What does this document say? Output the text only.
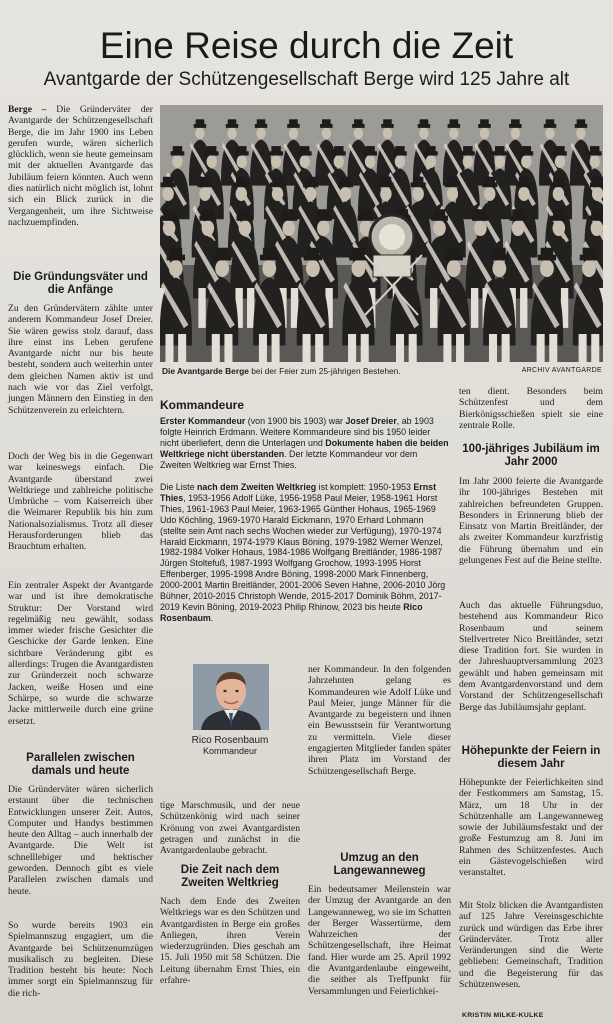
Eine Reise durch die Zeit
Avantgarde der Schützengesellschaft Berge wird 125 Jahre alt

Berge – Die Gründerväter der Avantgarde der Schützengesellschaft Berge, die im Jahr 1900 ins Leben gerufen wurde, wären sicherlich glücklich, wenn sie heute gemeinsam mit der aktuellen Avantgarde das Jubiläum feiern könnten. Auch wenn dies natürlich nicht möglich ist, lohnt sich ein Blick zurück in die Vergangenheit, um ihre Sichtweise nachzuempfinden.

Die Gründungsväter und die Anfänge

Zu den Gründervätern zählte unter anderem Kommandeur Josef Dreier. Sie wären gewiss stolz darauf, dass ihre einst ins Leben gerufene Avantgarde nicht nur bis heute besteht, sondern auch weiterhin unter dem gleichen Namen aktiv ist und nach wie vor das Ziel verfolgt, jungen Männern den Einstieg in den Schützenverein zu erleichtern.

Doch der Weg bis in die Gegenwart war keineswegs einfach. Die Avantgarde überstand zwei Weltkriege und zahlreiche politische Umbrüche – vom Kaiserreich über die Weimarer Republik bis hin zum Nationalsozialismus. Trotz all dieser Herausforderungen blieb das Brauchtum erhalten.

Ein zentraler Aspekt der Avantgarde war und ist ihre demokratische Struktur: Der Vorstand wird regelmäßig neu gewählt, sodass immer wieder frische Gesichter die Geschicke der Garde lenken. Eine sichtbare Veränderung gibt es allerdings: Trugen die Avantgardisten zur Gründerzeit noch schwarze Jacken, weiße Hosen und eine Schärpe, so wurde die schwarze Jacke mittlerweile durch eine grüne ersetzt.

Parallelen zwischen damals und heute

Die Gründerväter wären sicherlich erstaunt über die technischen Entwicklungen unserer Zeit. Autos, Computer und Handys bestimmen heute den Alltag – auch innerhalb der Avantgarde. Die Welt ist schnelllebiger und hektischer geworden. Dennoch gibt es viele Parallelen zwischen damals und heute.

So wurde bereits 1903 ein Spielmannszug engagiert, um die Avantgarde bei Schützenumzügen musikalisch zu begleiten. Diese Tradition besteht bis heute: Noch immer sorgt ein Spielmannszug für die rich-

Die Avantgarde Berge bei der Feier zum 25-jährigen Bestehen.	ARCHIV AVANTGARDE
Kommandeure

Erster Kommandeur (von 1900 bis 1903) war Josef Dreier, ab 1903 folgte Heinrich Erdmann. Weitere Kommandeure sind bis 1950 leider nicht überliefert, denn die Unterlagen und Dokumente haben die beiden Weltkriege nicht überstanden. Der letzte Kommandeur vor dem Zweiten Weltkrieg war Ernst Thies.

Die Liste nach dem Zweiten Weltkrieg ist komplett: 1950-1953 Ernst Thies, 1953-1956 Adolf Lüke, 1956-1958 Paul Meier, 1958-1961 Horst Thies, 1961-1963 Paul Meier, 1963-1965 Günther Hohaus, 1965-1969 Udo Köchling, 1969-1970 Harald Eickmann, 1970 Erhard Lohmann (stellte sein Amt nach sechs Wochen wieder zur Verfügung), 1970-1974 Harald Eickmann, 1974-1979 Klaus Böning, 1979-1982 Werner Wenzel, 1982-1984 Volker Hohaus, 1984-1986 Wolfgang Breitländer, 1986-1987 Jürgen Stoltefuß, 1987-1993 Wolfgang Grochow, 1993-1995 Horst Effenberger, 1995-1998 Andre Böning, 1998-2000 Mark Finnenberg, 2000-2001 Martin Breitländer, 2001-2006 Seven Hahne, 2006-2010 Jörg Bühner, 2010-2015 Christoph Wende, 2015-2017 Dominik Böhm, 2017-2019 Kevin Böning, 2019-2023 Philip Rhinow, 2023 bis heute Rico Rosenbaum.

Rico Rosenbaum
Kommandeur

tige Marschmusik, und der neue Schützenkönig wird nach seiner Krönung von zwei Avantgardisten getragen und zunächst in die Avantgardenlaube gebracht.

Die Zeit nach dem Zweiten Weltkrieg

Nach dem Ende des Zweiten Weltkriegs war es den Schützen und Avantgardisten in Berge ein großes Anliegen, ihren Verein wiederzugründen. Dies geschah am 15. Juli 1950 mit 58 Schützen. Die Leitung übernahm Ernst Thies, ein erfahre-

ner Kommandeur. In den folgenden Jahrzehnten gelang es Kommandeuren wie Adolf Lüke und Paul Meier, junge Männer für die Avantgarde zu begeistern und ihnen ein Bewusstsein für Verantwortung zu vermitteln. Viele dieser engagierten Mitglieder fanden später ihren Platz im Vorstand der Schützengesellschaft Berge.

Umzug an den Langewanneweg

Ein bedeutsamer Meilenstein war der Umzug der Avantgarde an den Langewanneweg, wo sie im Schatten der Berger Wassertürme, dem Wahrzeichen der Schützengesellschaft, ihre Heimat fand. Hier wurde am 25. April 1992 die Avantgardenlaube eingeweiht, die seither als Treffpunkt für Versammlungen und Feierlichkei-

ten dient. Besonders beim Schützenfest und dem Bierkönigsschießen spielt sie eine zentrale Rolle.

100-jähriges Jubiläum im Jahr 2000

Im Jahr 2000 feierte die Avantgarde ihr 100-jähriges Bestehen mit zahlreichen befreundeten Gruppen. Besonders in Erinnerung blieb der Einsatz von Martin Breitländer, der als zweiter Kommandeur kurzfristig die Führung übernahm und ein gelungenes Fest auf die Beine stellte.

Auch das aktuelle Führungsduo, bestehend aus Kommandeur Rico Rosenbaum und seinem Stellvertreter Nico Breitländer, setzt diese Tradition fort. Sie wurden in der Jahreshauptversammlung 2023 gewählt und haben gemeinsam mit dem Avantgardenvorstand und dem Vorstand der Schützengesellschaft Berge das Jubiläumsjahr geplant.

Höhepunkte der Feiern in diesem Jahr

Höhepunkte der Feierlichkeiten sind der Festkommers am Samstag, 15. März, um 18 Uhr in der Schützenhalle am Langewanneweg sowie der Jubiläumsfestakt und der große Festumzug am 8. Juni im Rahmen des Schützenfestes. Auch ein Gästevogelschießen wird veranstaltet.

Mit Stolz blicken die Avantgardisten auf 125 Jahre Vereinsgeschichte zurück und würdigen das Erbe ihrer Gründerväter. Trotz aller Veränderungen sind die Werte geblieben: Gemeinschaft, Tradition und die Begeisterung für das Schützenwesen.

KRISTIN MILKE-KULKE
